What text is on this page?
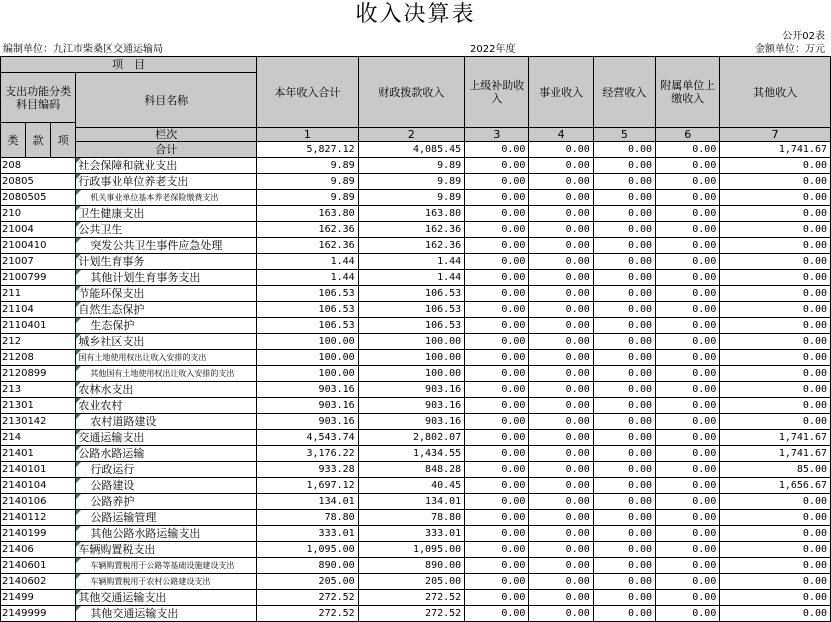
收入决算表
公开02表
编制单位：九江市柴桑区交通运输局	2022年度	金额单位：万元
项　目				本年收入合计	财政拨款收入	上级补助收入	事业收入	经营收入	附属单位上缴收入	其他收入
支出功能分类科目编码			科目名称							
类	款	项								
			栏次	1	2	3	4	5	6	7
			合计	5,827.12	4,085.45	0.00	0.00	0.00	0.00	1,741.67
208			社会保障和就业支出	9.89	9.89	0.00	0.00	0.00	0.00	0.00
20805			行政事业单位养老支出	9.89	9.89	0.00	0.00	0.00	0.00	0.00
2080505			机关事业单位基本养老保险缴费支出	9.89	9.89	0.00	0.00	0.00	0.00	0.00
210			卫生健康支出	163.80	163.80	0.00	0.00	0.00	0.00	0.00
21004			公共卫生	162.36	162.36	0.00	0.00	0.00	0.00	0.00
2100410			突发公共卫生事件应急处理	162.36	162.36	0.00	0.00	0.00	0.00	0.00
21007			计划生育事务	1.44	1.44	0.00	0.00	0.00	0.00	0.00
2100799			其他计划生育事务支出	1.44	1.44	0.00	0.00	0.00	0.00	0.00
211			节能环保支出	106.53	106.53	0.00	0.00	0.00	0.00	0.00
21104			自然生态保护	106.53	106.53	0.00	0.00	0.00	0.00	0.00
2110401			生态保护	106.53	106.53	0.00	0.00	0.00	0.00	0.00
212			城乡社区支出	100.00	100.00	0.00	0.00	0.00	0.00	0.00
21208			国有土地使用权出让收入安排的支出	100.00	100.00	0.00	0.00	0.00	0.00	0.00
2120899			其他国有土地使用权出让收入安排的支出	100.00	100.00	0.00	0.00	0.00	0.00	0.00
213			农林水支出	903.16	903.16	0.00	0.00	0.00	0.00	0.00
21301			农业农村	903.16	903.16	0.00	0.00	0.00	0.00	0.00
2130142			农村道路建设	903.16	903.16	0.00	0.00	0.00	0.00	0.00
214			交通运输支出	4,543.74	2,802.07	0.00	0.00	0.00	0.00	1,741.67
21401			公路水路运输	3,176.22	1,434.55	0.00	0.00	0.00	0.00	1,741.67
2140101			行政运行	933.28	848.28	0.00	0.00	0.00	0.00	85.00
2140104			公路建设	1,697.12	40.45	0.00	0.00	0.00	0.00	1,656.67
2140106			公路养护	134.01	134.01	0.00	0.00	0.00	0.00	0.00
2140112			公路运输管理	78.80	78.80	0.00	0.00	0.00	0.00	0.00
2140199			其他公路水路运输支出	333.01	333.01	0.00	0.00	0.00	0.00	0.00
21406			车辆购置税支出	1,095.00	1,095.00	0.00	0.00	0.00	0.00	0.00
2140601			车辆购置税用于公路等基础设施建设支出	890.00	890.00	0.00	0.00	0.00	0.00	0.00
2140602			车辆购置税用于农村公路建设支出	205.00	205.00	0.00	0.00	0.00	0.00	0.00
21499			其他交通运输支出	272.52	272.52	0.00	0.00	0.00	0.00	0.00
2149999			其他交通运输支出	272.52	272.52	0.00	0.00	0.00	0.00	0.00
